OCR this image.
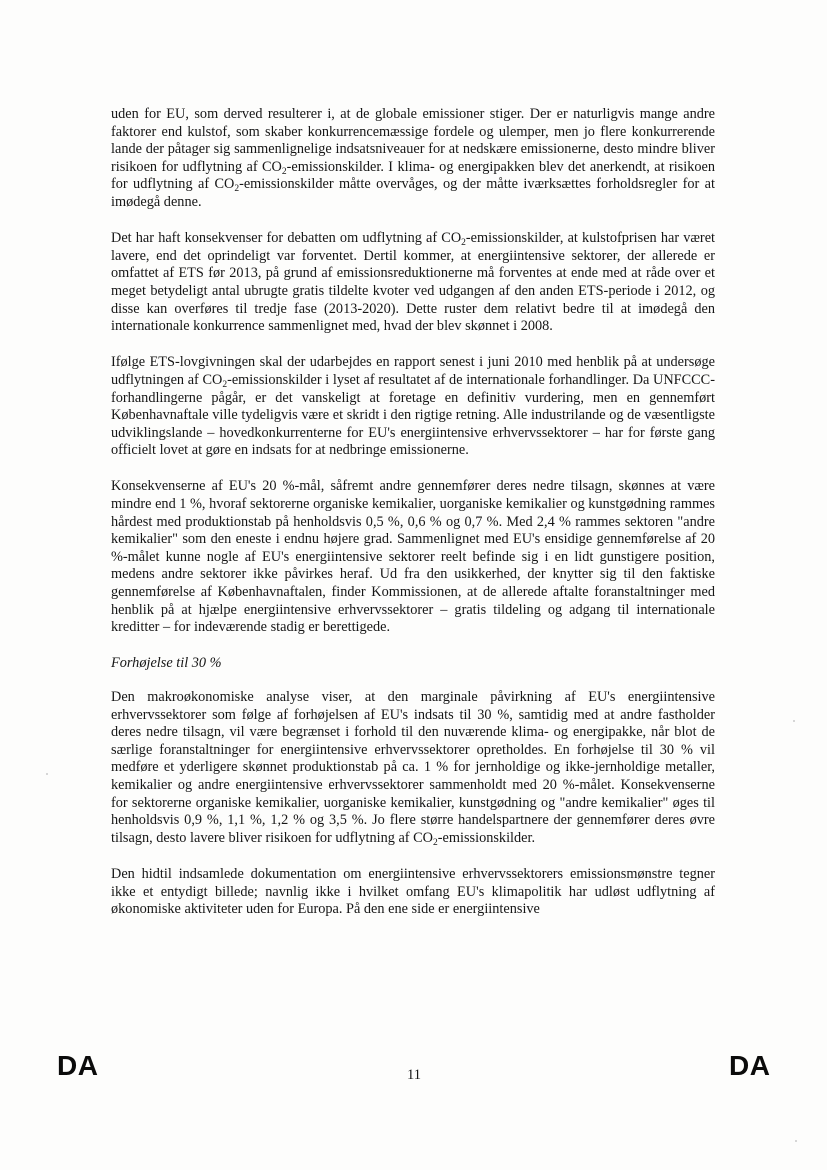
uden for EU, som derved resulterer i, at de globale emissioner stiger. Der er naturligvis mange andre faktorer end kulstof, som skaber konkurrencemæssige fordele og ulemper, men jo flere konkurrerende lande der påtager sig sammenlignelige indsatsniveauer for at nedskære emissionerne, desto mindre bliver risikoen for udflytning af $CO_2$-emissionskilder. I klima- og energipakken blev det anerkendt, at risikoen for udflytning af $CO_2$-emissionskilder måtte overvåges, og der måtte iværksættes forholdsregler for at imødegå denne.

Det har haft konsekvenser for debatten om udflytning af $CO_2$-emissionskilder, at kulstofprisen har været lavere, end det oprindeligt var forventet. Dertil kommer, at energiintensive sektorer, der allerede er omfattet af ETS før 2013, på grund af emissionsreduktionerne må forventes at ende med at råde over et meget betydeligt antal ubrugte gratis tildelte kvoter ved udgangen af den anden ETS-periode i 2012, og disse kan overføres til tredje fase (2013-2020). Dette ruster dem relativt bedre til at imødegå den internationale konkurrence sammenlignet med, hvad der blev skønnet i 2008.

Ifølge ETS-lovgivningen skal der udarbejdes en rapport senest i juni 2010 med henblik på at undersøge udflytningen af $CO_2$-emissionskilder i lyset af resultatet af de internationale forhandlinger. Da UNFCCC-forhandlingerne pågår, er det vanskeligt at foretage en definitiv vurdering, men en gennemført Københavnaftale ville tydeligvis være et skridt i den rigtige retning. Alle industrilande og de væsentligste udviklingslande – hovedkonkurrenterne for EU's energiintensive erhvervssektorer – har for første gang officielt lovet at gøre en indsats for at nedbringe emissionerne.

Konsekvenserne af EU's 20 %-mål, såfremt andre gennemfører deres nedre tilsagn, skønnes at være mindre end 1 %, hvoraf sektorerne organiske kemikalier, uorganiske kemikalier og kunstgødning rammes hårdest med produktionstab på henholdsvis 0,5 %, 0,6 % og 0,7 %. Med 2,4 % rammes sektoren "andre kemikalier" som den eneste i endnu højere grad. Sammenlignet med EU's ensidige gennemførelse af 20 %-målet kunne nogle af EU's energiintensive sektorer reelt befinde sig i en lidt gunstigere position, medens andre sektorer ikke påvirkes heraf. Ud fra den usikkerhed, der knytter sig til den faktiske gennemførelse af Københavnaftalen, finder Kommissionen, at de allerede aftalte foranstaltninger med henblik på at hjælpe energiintensive erhvervssektorer – gratis tildeling og adgang til internationale kreditter – for indeværende stadig er berettigede.

Forhøjelse til 30 %

Den makroøkonomiske analyse viser, at den marginale påvirkning af EU's energiintensive erhvervssektorer som følge af forhøjelsen af EU's indsats til 30 %, samtidig med at andre fastholder deres nedre tilsagn, vil være begrænset i forhold til den nuværende klima- og energipakke, når blot de særlige foranstaltninger for energiintensive erhvervssektorer opretholdes. En forhøjelse til 30 % vil medføre et yderligere skønnet produktionstab på ca. 1 % for jernholdige og ikke-jernholdige metaller, kemikalier og andre energiintensive erhvervssektorer sammenholdt med 20 %-målet. Konsekvenserne for sektorerne organiske kemikalier, uorganiske kemikalier, kunstgødning og "andre kemikalier" øges til henholdsvis 0,9 %, 1,1 %, 1,2 % og 3,5 %. Jo flere større handelspartnere der gennemfører deres øvre tilsagn, desto lavere bliver risikoen for udflytning af $CO_2$-emissionskilder.

Den hidtil indsamlede dokumentation om energiintensive erhvervssektorers emissionsmønstre tegner ikke et entydigt billede; navnlig ikke i hvilket omfang EU's klimapolitik har udløst udflytning af økonomiske aktiviteter uden for Europa. På den ene side er energiintensive

DA	11	DA
